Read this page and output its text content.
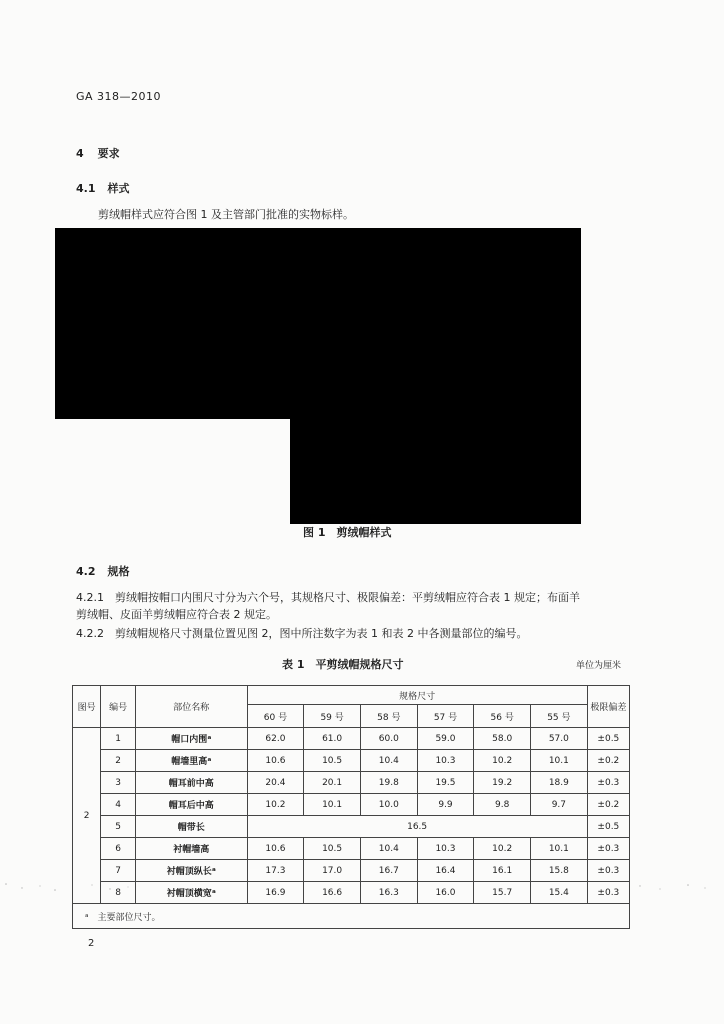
GA 318—2010
4 要求
4.1 样式
剪绒帽样式应符合图 1 及主管部门批准的实物标样。
图 1　剪绒帽样式
4.2 规格
4.2.1　剪绒帽按帽口内围尺寸分为六个号，其规格尺寸、极限偏差：平剪绒帽应符合表 1 规定；布面羊
剪绒帽、皮面羊剪绒帽应符合表 2 规定。
4.2.2　剪绒帽规格尺寸测量位置见图 2，图中所注数字为表 1 和表 2 中各测量部位的编号。
表 1　平剪绒帽规格尺寸	单位为厘米
图号	编号	部位名称	规格尺寸						极限偏差
			60 号	59 号	58 号	57 号	56 号	55 号	
2	1	帽口内围ᵃ	62.0	61.0	60.0	59.0	58.0	57.0	±0.5
	2	帽墙里高ᵃ	10.6	10.5	10.4	10.3	10.2	10.1	±0.2
	3	帽耳前中高	20.4	20.1	19.8	19.5	19.2	18.9	±0.3
	4	帽耳后中高	10.2	10.1	10.0	9.9	9.8	9.7	±0.2
	5	帽带长	16.5						±0.5
	6	衬帽墙高	10.6	10.5	10.4	10.3	10.2	10.1	±0.3
	7	衬帽顶纵长ᵃ	17.3	17.0	16.7	16.4	16.1	15.8	±0.3
	8	衬帽顶横宽ᵃ	16.9	16.6	16.3	16.0	15.7	15.4	±0.3
ᵃ　主要部位尺寸。									
2
